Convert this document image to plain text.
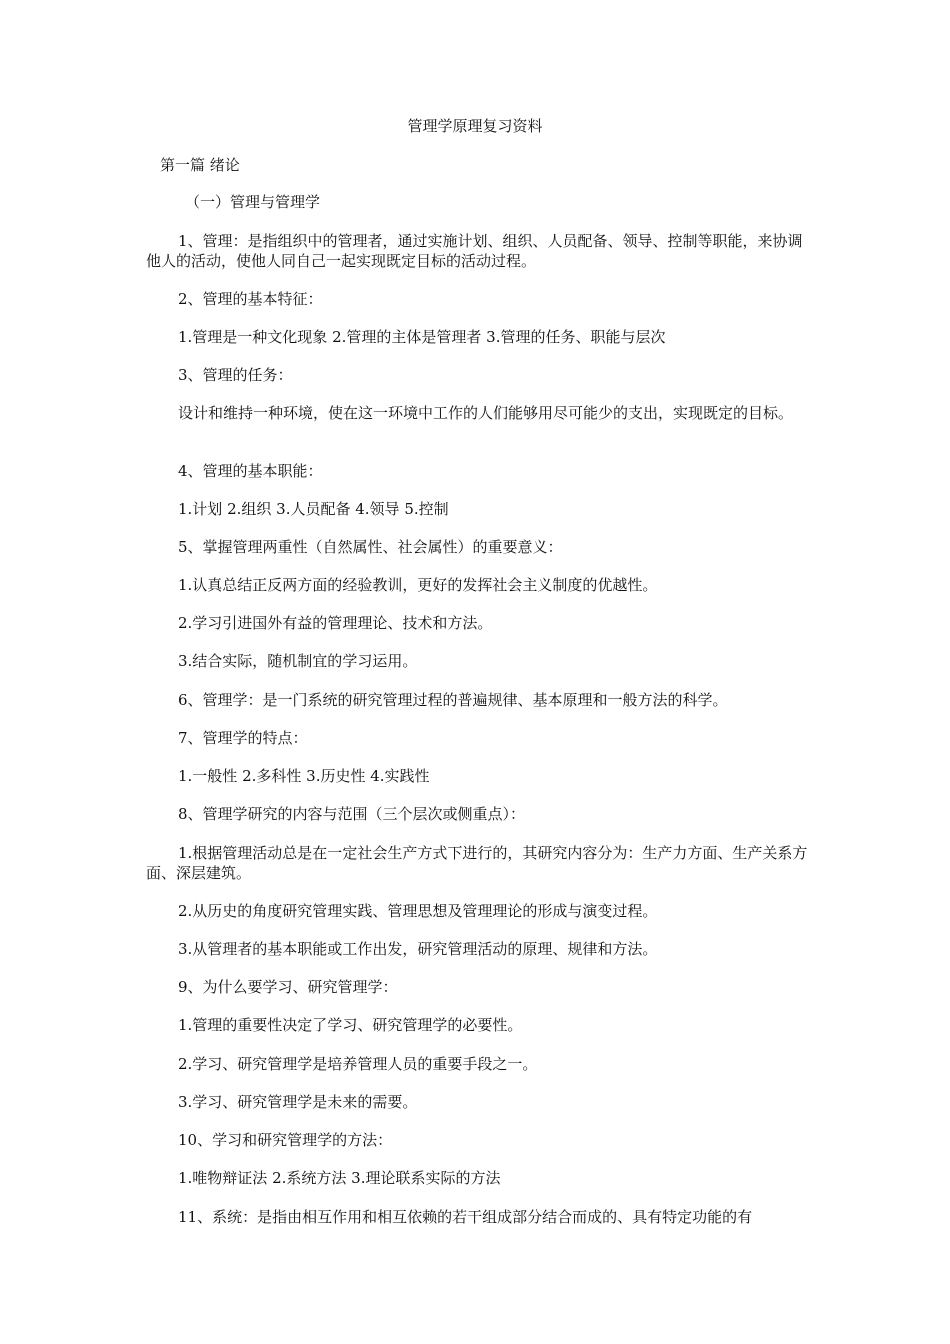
管理学原理复习资料

第一篇 绪论

（一）管理与管理学

1、管理：是指组织中的管理者，通过实施计划、组织、人员配备、领导、控制等职能，来协调他人的活动，使他人同自己一起实现既定目标的活动过程。

2、管理的基本特征：

1.管理是一种文化现象 2.管理的主体是管理者 3.管理的任务、职能与层次

3、管理的任务：

设计和维持一种环境，使在这一环境中工作的人们能够用尽可能少的支出，实现既定的目标。

4、管理的基本职能：

1.计划 2.组织 3.人员配备 4.领导 5.控制

5、掌握管理两重性（自然属性、社会属性）的重要意义：

1.认真总结正反两方面的经验教训，更好的发挥社会主义制度的优越性。

2.学习引进国外有益的管理理论、技术和方法。

3.结合实际，随机制宜的学习运用。

6、管理学：是一门系统的研究管理过程的普遍规律、基本原理和一般方法的科学。

7、管理学的特点：

1.一般性 2.多科性 3.历史性 4.实践性

8、管理学研究的内容与范围（三个层次或侧重点）：

1.根据管理活动总是在一定社会生产方式下进行的，其研究内容分为：生产力方面、生产关系方面、深层建筑。

2.从历史的角度研究管理实践、管理思想及管理理论的形成与演变过程。

3.从管理者的基本职能或工作出发，研究管理活动的原理、规律和方法。

9、为什么要学习、研究管理学：

1.管理的重要性决定了学习、研究管理学的必要性。

2.学习、研究管理学是培养管理人员的重要手段之一。

3.学习、研究管理学是未来的需要。

10、学习和研究管理学的方法：

1.唯物辩证法 2.系统方法 3.理论联系实际的方法

11、系统：是指由相互作用和相互依赖的若干组成部分结合而成的、具有特定功能的有
